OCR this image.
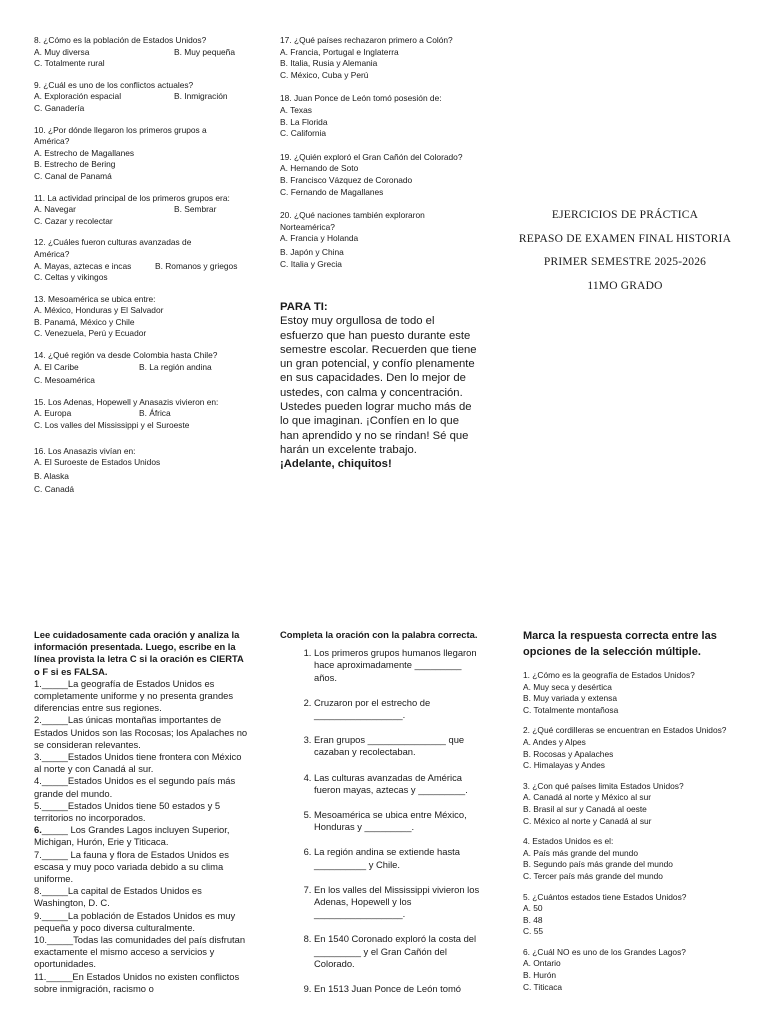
8. ¿Cómo es la población de Estados Unidos?
A. Muy diversa	B. Muy pequeña
C. Totalmente rural
9. ¿Cuál es uno de los conflictos actuales?
A. Exploración espacial	B. Inmigración
C. Ganadería
10. ¿Por dónde llegaron los primeros grupos a América?
A. Estrecho de Magallanes
B. Estrecho de Bering
C. Canal de Panamá
11. La actividad principal de los primeros grupos era:
A. Navegar	B. Sembrar
C. Cazar y recolectar
12. ¿Cuáles fueron culturas avanzadas de América?
A. Mayas, aztecas e incas	B. Romanos y griegos
C. Celtas y vikingos
13. Mesoamérica se ubica entre:
A. México, Honduras y El Salvador
B. Panamá, México y Chile
C. Venezuela, Perú y Ecuador
14. ¿Qué región va desde Colombia hasta Chile?
A. El Caribe	B. La región andina
C. Mesoamérica
15. Los Adenas, Hopewell y Anasazis vivieron en:
A. Europa	B. África
C. Los valles del Mississippi y el Suroeste
16. Los Anasazis vivían en:
A. El Suroeste de Estados Unidos
B. Alaska
C. Canadá
17. ¿Qué países rechazaron primero a Colón?
A. Francia, Portugal e Inglaterra
B. Italia, Rusia y Alemania
C. México, Cuba y Perú
18. Juan Ponce de León tomó posesión de:
A. Texas
B. La Florida
C. California
19. ¿Quién exploró el Gran Cañón del Colorado?
A. Hernando de Soto
B. Francisco Vázquez de Coronado
C. Fernando de Magallanes
20. ¿Qué naciones también exploraron Norteamérica?
A. Francia y Holanda
B. Japón y China
C. Italia y Grecia
EJERCICIOS DE PRÁCTICA
REPASO DE EXAMEN FINAL HISTORIA
PRIMER SEMESTRE 2025-2026
11MO GRADO
PARA TI:
Estoy muy orgullosa de todo el esfuerzo que han puesto durante este semestre escolar. Recuerden que tiene un gran potencial, y confío plenamente en sus capacidades. Den lo mejor de ustedes, con calma y concentración. Ustedes pueden lograr mucho más de lo que imaginan. ¡Confíen en lo que han aprendido y no se rindan! Sé que harán un excelente trabajo.
¡Adelante, chiquitos!
Lee cuidadosamente cada oración y analiza la información presentada. Luego, escribe en la línea provista la letra C si la oración es CIERTA o F si es FALSA.
1._____La geografía de Estados Unidos es completamente uniforme y no presenta grandes diferencias entre sus regiones.
2._____Las únicas montañas importantes de Estados Unidos son las Rocosas; los Apalaches no se consideran relevantes.
3._____Estados Unidos tiene frontera con México al norte y con Canadá al sur.
4._____Estados Unidos es el segundo país más grande del mundo.
5._____Estados Unidos tiene 50 estados y 5 territorios no incorporados.
6._____ Los Grandes Lagos incluyen Superior, Michigan, Hurón, Erie y Titicaca.
7._____ La fauna y flora de Estados Unidos es escasa y muy poco variada debido a su clima uniforme.
8._____La capital de Estados Unidos es Washington, D. C.
9._____La población de Estados Unidos es muy pequeña y poco diversa culturalmente.
10._____Todas las comunidades del país disfrutan exactamente el mismo acceso a servicios y oportunidades.
11._____En Estados Unidos no existen conflictos sobre inmigración, racismo o
Completa la oración con la palabra correcta.
1. Los primeros grupos humanos llegaron hace aproximadamente _________ años.
2. Cruzaron por el estrecho de _________________.
3. Eran grupos _______________ que cazaban y recolectaban.
4. Las culturas avanzadas de América fueron mayas, aztecas y _________.
5. Mesoamérica se ubica entre México, Honduras y _________.
6. La región andina se extiende hasta __________ y Chile.
7. En los valles del Mississippi vivieron los Adenas, Hopewell y los _________________.
8. En 1540 Coronado exploró la costa del _________ y el Gran Cañón del Colorado.
9. En 1513 Juan Ponce de León tomó
Marca la respuesta correcta entre las opciones de la selección múltiple.
1. ¿Cómo es la geografía de Estados Unidos?
A. Muy seca y desértica
B. Muy variada y extensa
C. Totalmente montañosa
2. ¿Qué cordilleras se encuentran en Estados Unidos?
A. Andes y Alpes
B. Rocosas y Apalaches
C. Himalayas y Andes
3. ¿Con qué países limita Estados Unidos?
A. Canadá al norte y México al sur
B. Brasil al sur y Canadá al oeste
C. México al norte y Canadá al sur
4. Estados Unidos es el:
A. País más grande del mundo
B. Segundo país más grande del mundo
C. Tercer país más grande del mundo
5. ¿Cuántos estados tiene Estados Unidos?
A. 50
B. 48
C. 55
6. ¿Cuál NO es uno de los Grandes Lagos?
A. Ontario
B. Hurón
C. Titicaca
